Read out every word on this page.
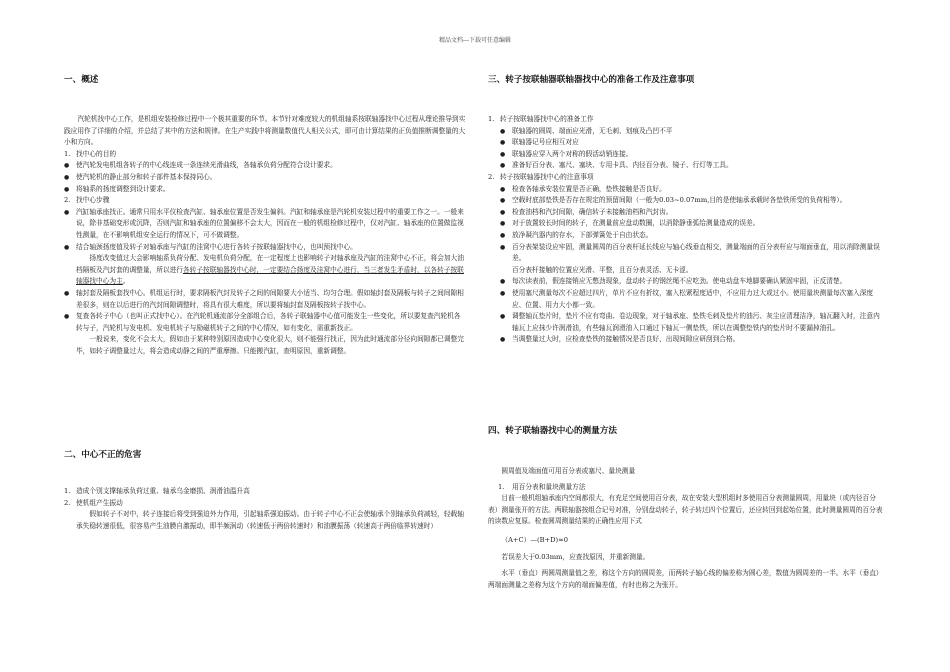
精品文档---下载可任意编辑
一、概述

汽轮机找中心工作，是机组安装检修过程中一个极其重要的环节。本节针对难度较大的机组轴系按联轴器找中心过程从理论推导到实践应用作了详细的介绍，并总结了其中的方法和规律。在生产实践中将测量数值代人相关公式，即可由计算结果的正负值推断调整量的大小和方向。

1. 找中心的目的
● 使汽轮发电机组各转子的中心线连成一条连续光滑曲线，各轴承负荷分配符合设计要求。
● 使汽轮机的静止部分和转子部件基本保持同心。
● 将轴系的扬度调整到设计要求。
2. 找中心步骤
● 汽缸轴承座找正。通常只用水平仪检查汽缸、轴承座位置是否发生偏斜。汽缸和轴承座是汽轮机安装过程中的重要工作之一。一般来说，除非基础变形或沉降，否则汽缸和轴承座的位置偏移不会太大，因而在一般的机组检修过程中，仅对汽缸、轴承座的位置做监视性测量，在不影响机组安全运行的情况下，可不做调整。
● 结合轴颈扬度值及转子对轴承座与汽缸的洼窝中心进行各转子按联轴器找中心，也叫预找中心。

扬度改变值过大会影响轴系负荷分配、发电机负荷分配，在一定程度上也影响转子对轴承座及汽缸的洼窝中心不正，将会加大油档隔板及汽封套的调整量，所以进行各转子按联轴器找中心时，一定要结合扬度及洼窝中心进行，当三者发生矛盾时，以各转子按联轴器找中心为主。

● 轴封套及隔板套找中心。机组运行时，要求隔板汽封及转子之间的间隙要大小适当、均匀合理。假如轴封套及隔板与转子之间间隙相差很多，则在以后进行的汽封间隙调整时，将具有很大难度，所以要将轴封套及隔板按转子找中心。
● 复查各转子中心（也叫正式找中心）。在汽轮机通流部分全部组合后，各转子联轴器中心值可能发生一些变化，所以要复查汽轮机各转与子，汽轮机与发电机、发电机转子与励磁机转子之间的中心情况，如有变化，需重新找正。

一般说来，变化不会太大，假如由于某种特别原因造成中心变化很大，则不能强行找正，因为此时通流部分径向间隙都已调整完毕，如转子调整量过大，将会造成动静之间的严重摩擦。只能搬汽缸，查明原因，重新调整。

二、中心不正的危害
1. 造成个别支撑轴承负荷过重、轴承乌金磨损、润滑油温升高
2. 使机组产生振动

假如转子不对中，转子连接后将受到强迫外力作用，引起轴系强迫振动。由于转子中心不正会使轴承个别轴承负荷减轻，轻载轴承失稳转速很低，很容易产生油膜自激振动，即半频涡动（转速低于两倍转速时）和油膜振荡（转速高于两倍临界转速时）

三、转子按联轴器联轴器找中心的准备工作及注意事项
1. 转子按联轴器找中心的准备工作
● 联轴器的圆周、端面应光滑，无毛刺、划痕及凸凹不平
● 联轴器记号应相互对应
● 联轴器应穿入两个对称的假活动销连接。
● 准备好百分表、塞尺、塞块、专用卡具、内径百分表、镜子、行灯等工具。
2. 转子按联轴器找中心的注意事项
● 检查各轴承安装位置是否正确，垫铁接触是否良好。
● 空载时底部垫铁是否存在规定的预留间隙（一般为0.03~0.07mm,目的是使轴承承载时各垫铁所受的负荷相等）。
● 检查油档和汽封间隙，确信转子未接触油档和汽封齿。
● 对于放置较长时间的转子，在测量前应盘动数圈，以消除静垂弧给测量造成的误差。
● 放净凝汽器内的存水，下部弹簧处于自由状态。
● 百分表架装设应牢固，测量圆周的百分表杆延长线应与轴心线垂直相交，测量端面的百分表杆应与端面垂直，用以消除测量误差。

百分表杆接触的位置应光滑、平整，且百分表灵活、无卡涩。

● 每次读表前，假连接销应无憋劲现象，盘动转子的钢丝绳不应吃劲。使电动盘车地脚要确认紧固牢固，正反清楚。
● 使用塞尺测量每次不应超过四片，单片不应有折纹，塞入松紧程度适中，不应用力过大或过小。使用量块测量每次塞入深度应、位置、用力大小都一致。
● 调整轴瓦垫片时，垫片不应有弯曲、卷边现象，对于轴承座、垫铁毛刺及垫片的油污、灰尘应清理洁净，轴瓦翻入时，注意内轴瓦上应抹少许润滑油，有些轴瓦润滑油入口通过下轴瓦一侧垫铁，所以在调整垫铁内的垫片时不要漏掉油孔。
● 当调整量过大时，应检查垫铁的接触情况是否良好，出现间隙应研刮到合格。
四、转子联轴器找中心的测量方法

圆周值及端面值可用百分表或塞尺、量块测量

1. 用百分表和量块测量方法

目前一般机组轴承座内空间都很大，有充足空间使用百分表，故在安装大型机组时多使用百分表测量圆周，用量块（或内径百分表）测量张开的方法。两联轴器按组合记号对准，分别盘动转子，转子转过四个位置后，还应转回到起始位置，此时测量圆周的百分表的读数应复原。检查圆周测量结果的正确性应用下式

（A+C）—(B+D)≈0

若误差大于0.03mm，应查找原因，并重新测量。

水平（垂直）两圆周测量值之差，称这个方向的圆周差，而两转子轴心线的偏差称为圆心差，数值为圆周差的一半。水平（垂直）两端面测量之差称为这个方向的端面偏差值，有时也称之为张开。
